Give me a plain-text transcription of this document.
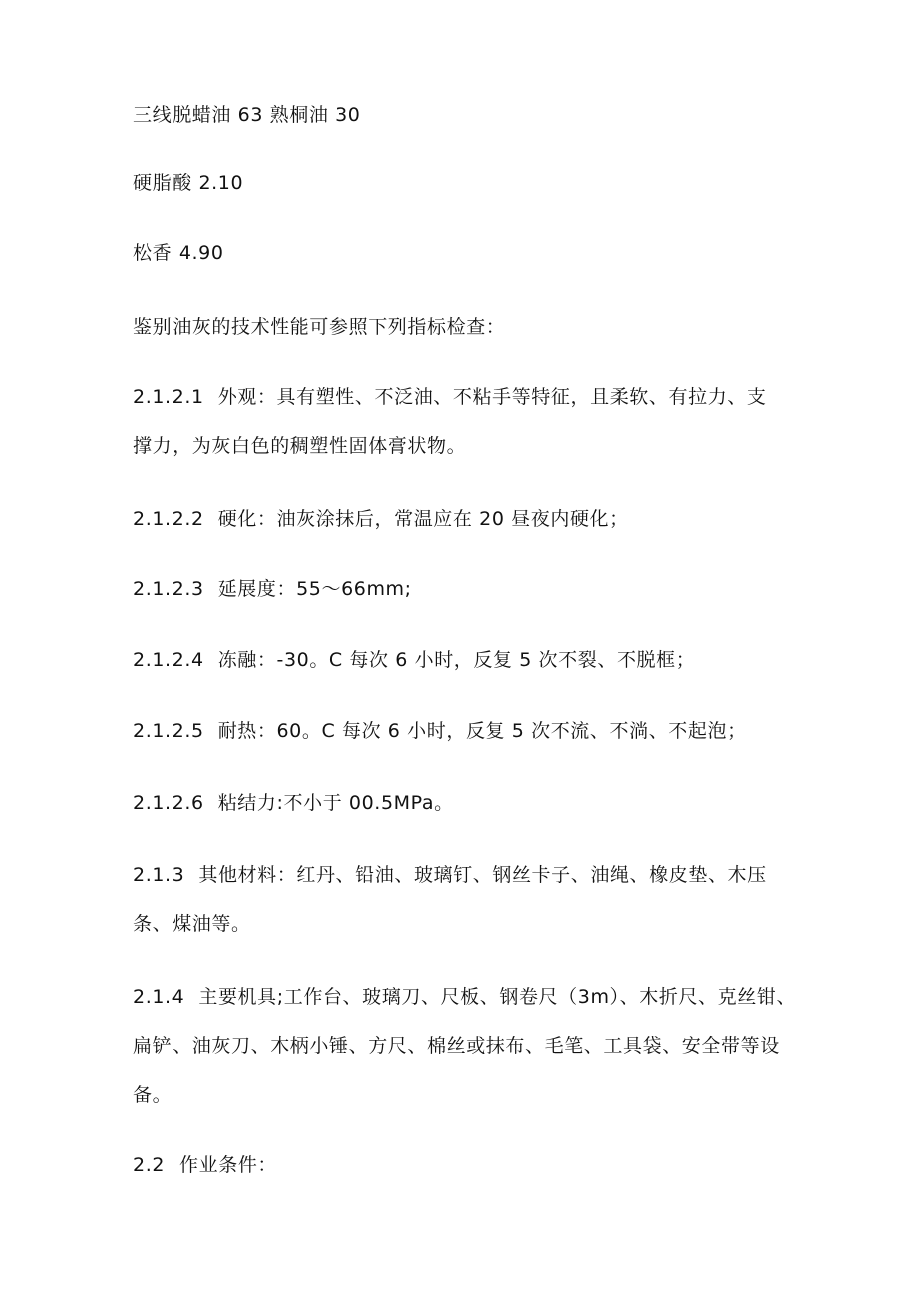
三线脱蜡油 63 熟桐油 30
硬脂酸 2.10
松香 4.90
鉴别油灰的技术性能可参照下列指标检查：
2.1.2.1 外观：具有塑性、不泛油、不粘手等特征，且柔软、有拉力、支
撑力，为灰白色的稠塑性固体膏状物。
2.1.2.2 硬化：油灰涂抹后，常温应在 20 昼夜内硬化；
2.1.2.3 延展度：55～66mm;
2.1.2.4 冻融：-30。C 每次 6 小时，反复 5 次不裂、不脱框；
2.1.2.5 耐热：60。C 每次 6 小时，反复 5 次不流、不淌、不起泡；
2.1.2.6 粘结力:不小于 00.5MPa。
2.1.3 其他材料：红丹、铅油、玻璃钉、钢丝卡子、油绳、橡皮垫、木压
条、煤油等。
2.1.4 主要机具;工作台、玻璃刀、尺板、钢卷尺（3m）、木折尺、克丝钳、
扁铲、油灰刀、木柄小锤、方尺、棉丝或抹布、毛笔、工具袋、安全带等设
备。
2.2 作业条件：
